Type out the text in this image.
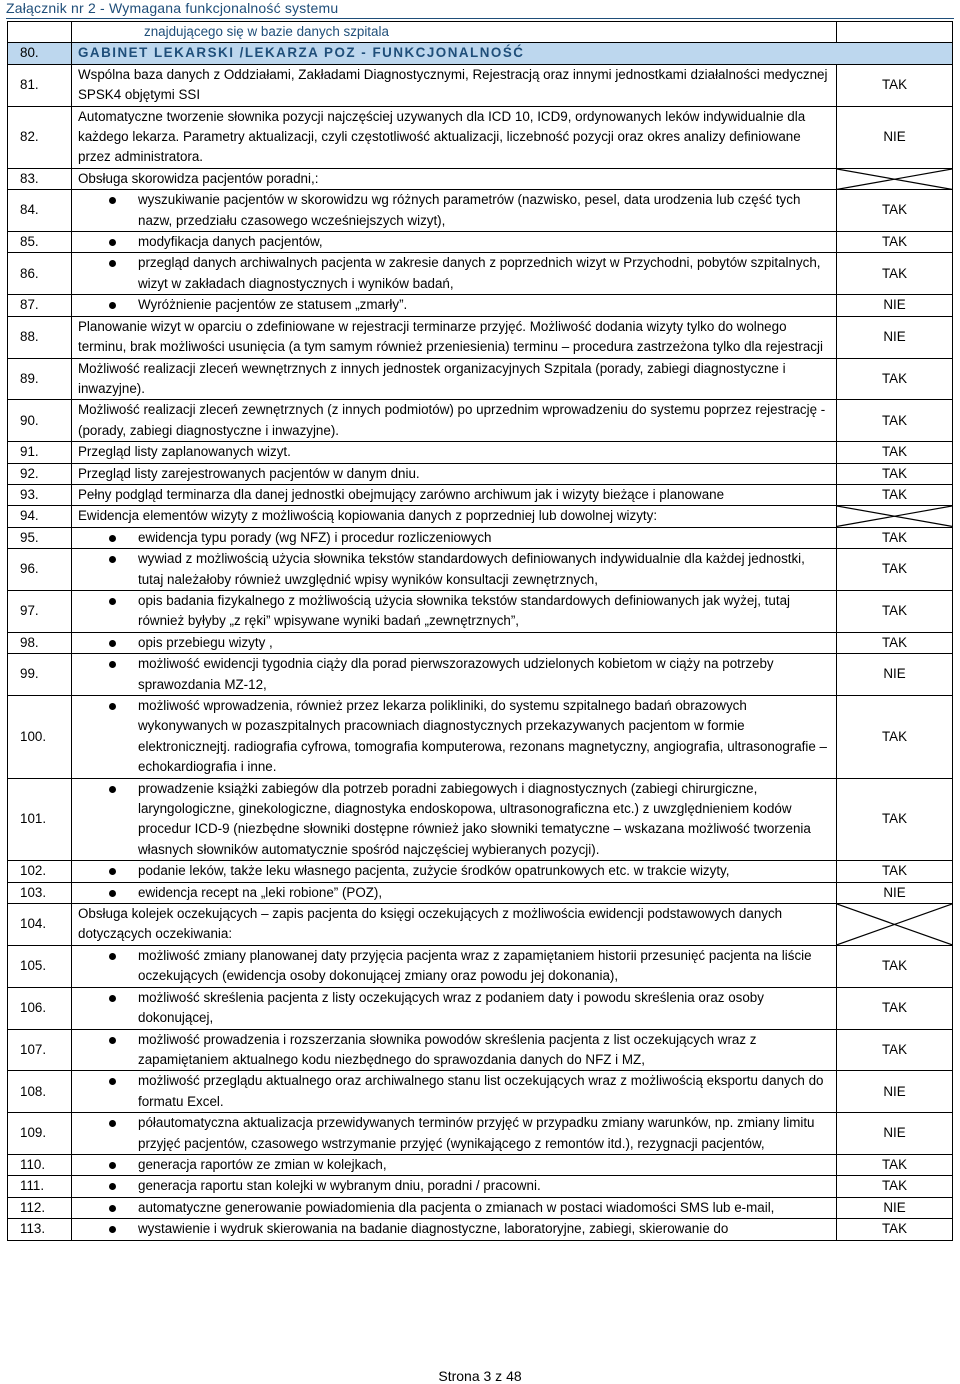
Załącznik nr 2 - Wymagana funkcjonalność systemu
	znajdującego się w bazie danych szpitala	
80.	GABINET LEKARSKI /LEKARZA POZ - FUNKCJONALNOŚĆ	
81.	Wspólna baza danych z Oddziałami, Zakładami Diagnostycznymi, Rejestracją oraz innymi jednostkami działalności medycznej SPSK4 objętymi SSI	TAK
82.	Automatyczne tworzenie słownika pozycji najczęściej uzywanych dla ICD 10, ICD9, ordynowanych leków indywidualnie dla każdego lekarza. Parametry aktualizacji, czyli częstotliwość aktualizacji, liczebność pozycji oraz okres analizy definiowane przez administratora.	NIE
83.	Obsługa skorowidza pacjentów poradni,:	

84.	wyszukiwanie pacjentów w skorowidzu wg różnych parametrów (nazwisko, pesel, data urodzenia lub część tych nazw, przedziału czasowego wcześniejszych wizyt),	TAK
85.	modyfikacja danych pacjentów,	TAK
86.	przegląd danych archiwalnych pacjenta w zakresie danych z poprzednich wizyt w Przychodni, pobytów szpitalnych, wizyt w zakładach diagnostycznych i wyników badań,	TAK
87.	Wyróżnienie pacjentów ze statusem „zmarły”.	NIE
88.	Planowanie wizyt w oparciu o zdefiniowane w rejestracji terminarze przyjęć. Możliwość dodania wizyty tylko do wolnego terminu, brak możliwości usunięcia (a tym samym również przeniesienia) terminu – procedura zastrzeżona tylko dla rejestracji	NIE
89.	Możliwość realizacji zleceń wewnętrznych z innych jednostek organizacyjnych Szpitala (porady, zabiegi diagnostyczne i inwazyjne).	TAK
90.	Możliwość realizacji zleceń zewnętrznych (z innych podmiotów) po uprzednim wprowadzeniu do systemu poprzez rejestrację - (porady, zabiegi diagnostyczne i inwazyjne).	TAK
91.	Przegląd listy zaplanowanych wizyt.	TAK
92.	Przegląd listy zarejestrowanych pacjentów w danym dniu.	TAK
93.	Pełny podgląd terminarza dla danej jednostki obejmujący zarówno archiwum jak i wizyty bieżące i planowane	TAK
94.	Ewidencja elementów wizyty z możliwością kopiowania danych z poprzedniej lub dowolnej wizyty:	

95.	ewidencja typu porady (wg NFZ) i procedur rozliczeniowych	TAK
96.	wywiad z możliwością użycia słownika tekstów standardowych definiowanych indywidualnie dla każdej jednostki, tutaj należałoby również uwzględnić wpisy wyników konsultacji zewnętrznych,	TAK
97.	opis badania fizykalnego z możliwością użycia słownika tekstów standardowych definiowanych jak wyżej, tutaj również byłyby „z ręki” wpisywane wyniki badań „zewnętrznych”,	TAK
98.	opis przebiegu wizyty ,	TAK
99.	możliwość ewidencji tygodnia ciąży dla porad pierwszorazowych udzielonych kobietom w ciąży na potrzeby sprawozdania MZ-12,	NIE
100.	możliwość wprowadzenia, również przez lekarza polikliniki, do systemu szpitalnego badań obrazowych wykonywanych w pozaszpitalnych pracowniach diagnostycznych przekazywanych pacjentom w formie elektronicznejtj. radiografia cyfrowa, tomografia komputerowa, rezonans magnetyczny, angiografia, ultrasonografie – echokardiografia i inne.	TAK
101.	prowadzenie książki zabiegów dla potrzeb poradni zabiegowych i diagnostycznych (zabiegi chirurgiczne, laryngologiczne, ginekologiczne, diagnostyka endoskopowa, ultrasonograficzna etc.) z uwzględnieniem kodów procedur ICD-9 (niezbędne słowniki dostępne również jako słowniki tematyczne – wskazana możliwość tworzenia własnych słowników automatycznie spośród najczęściej wybieranych pozycji).	TAK
102.	podanie leków, także leku własnego pacjenta, zużycie środków opatrunkowych etc. w trakcie wizyty,	TAK
103.	ewidencja recept na „leki robione” (POZ),	NIE
104.	Obsługa kolejek oczekujących – zapis pacjenta do księgi oczekujących z możliwościa ewidencji podstawowych danych dotyczących oczekiwania:	

105.	możliwość zmiany planowanej daty przyjęcia pacjenta wraz z zapamiętaniem historii przesunięć pacjenta na liście oczekujących (ewidencja osoby dokonującej zmiany oraz powodu jej dokonania),	TAK
106.	możliwość skreślenia pacjenta z listy oczekujących wraz z podaniem daty i powodu skreślenia oraz osoby dokonującej,	TAK
107.	możliwość prowadzenia i rozszerzania słownika powodów skreślenia pacjenta z list oczekujących wraz z zapamiętaniem aktualnego kodu niezbędnego do sprawozdania danych do NFZ i MZ,	TAK
108.	możliwość przeglądu aktualnego oraz archiwalnego stanu list oczekujących wraz z możliwością eksportu danych do formatu Excel.	NIE
109.	półautomatyczna aktualizacja przewidywanych terminów przyjęć w przypadku zmiany warunków, np. zmiany limitu przyjęć pacjentów, czasowego wstrzymanie przyjęć (wynikającego z remontów itd.), rezygnacji pacjentów,	NIE
110.	generacja raportów ze zmian w kolejkach,	TAK
111.	generacja raportu stan kolejki w wybranym dniu, poradni / pracowni.	TAK
112.	automatyczne generowanie powiadomienia dla pacjenta o zmianach w postaci wiadomości SMS lub e-mail,	NIE
113.	wystawienie i wydruk skierowania na badanie diagnostyczne, laboratoryjne, zabiegi, skierowanie do	TAK
Strona 3 z 48
